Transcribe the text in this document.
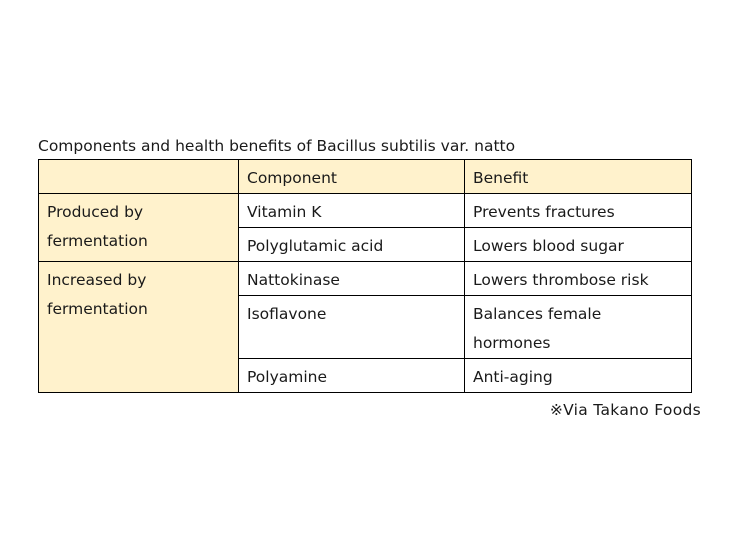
Components and health benefits of Bacillus subtilis var. natto
	Component	Benefit
Produced by fermentation	Vitamin K	Prevents fractures
	Polyglutamic acid	Lowers blood sugar
Increased by fermentation	Nattokinase	Lowers thrombose risk
	Isoflavone	Balances female hormones
	Polyamine	Anti-aging
※Via Takano Foods
